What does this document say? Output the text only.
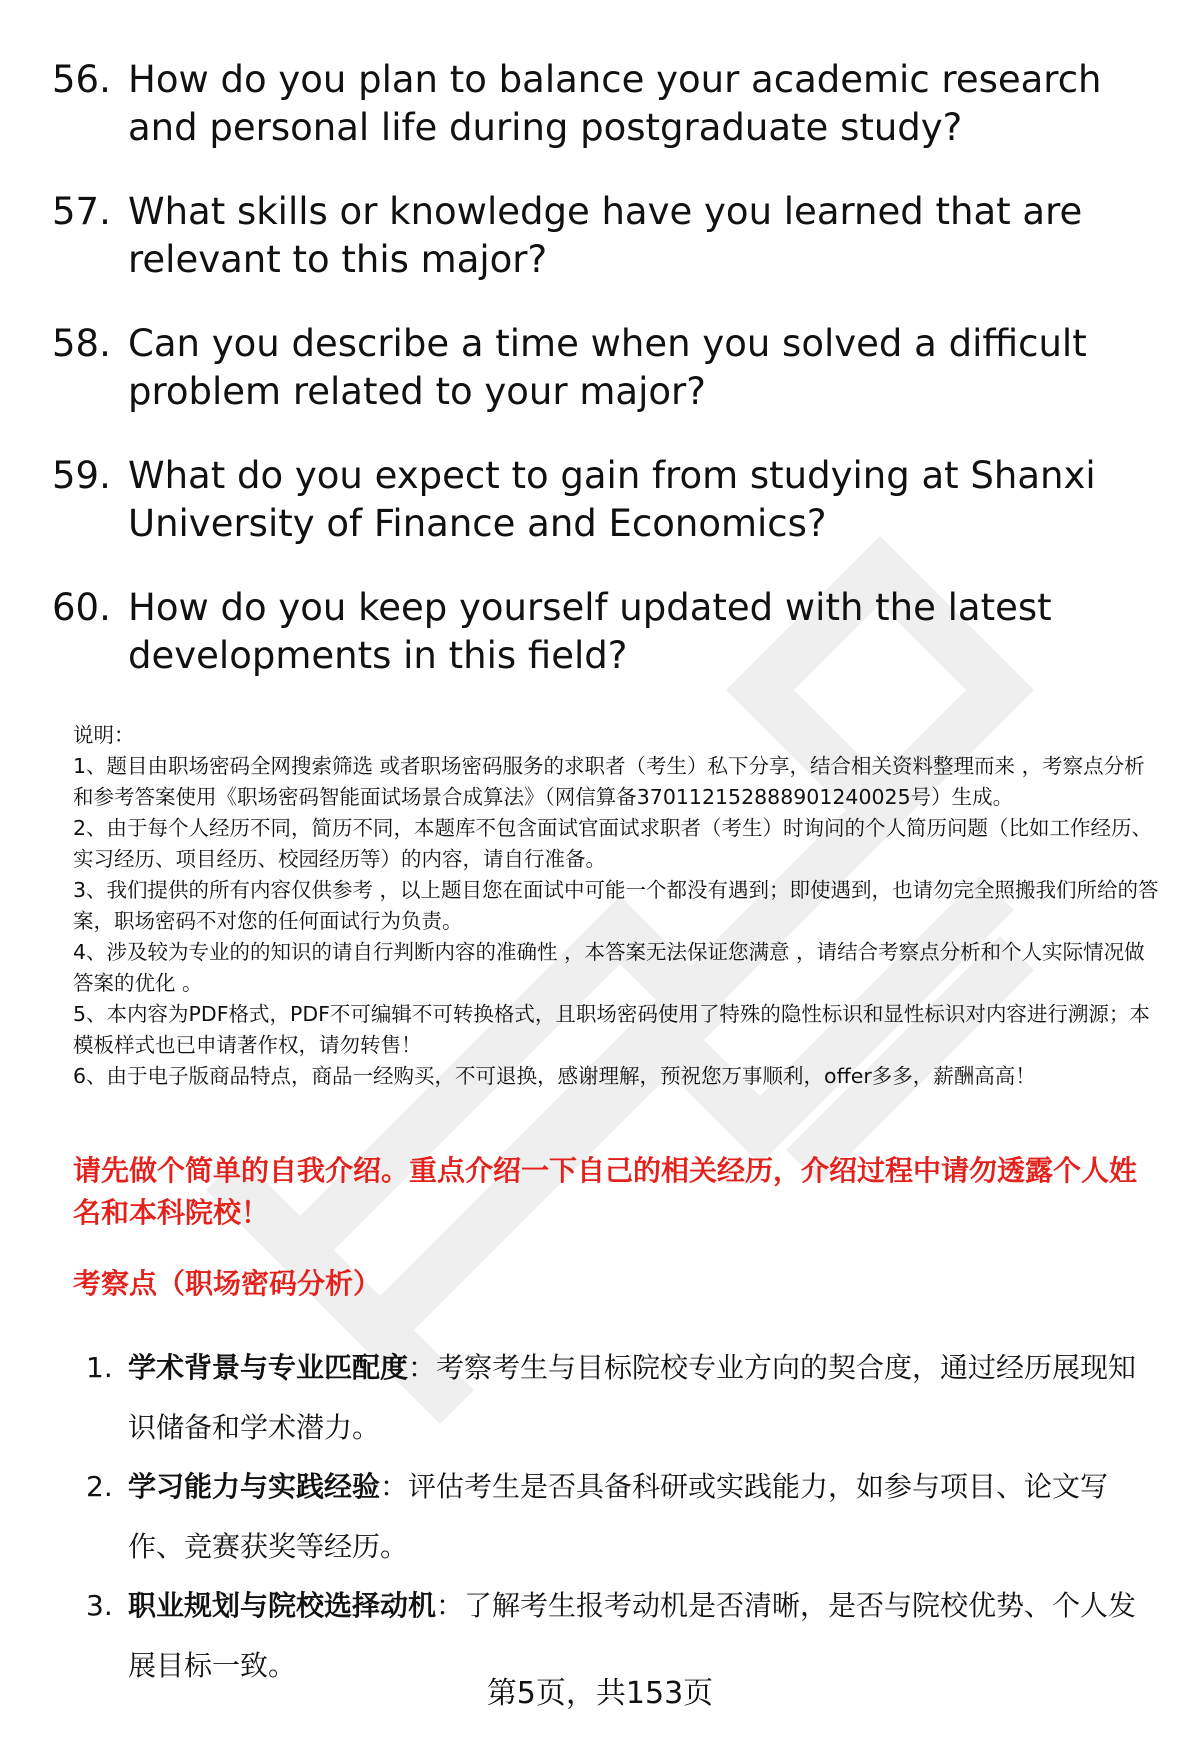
56. How do you plan to balance your academic research and personal life during postgraduate study?
57. What skills or knowledge have you learned that are relevant to this major?
58. Can you describe a time when you solved a difficult problem related to your major?
59. What do you expect to gain from studying at Shanxi University of Finance and Economics?
60. How do you keep yourself updated with the latest developments in this field?

说明：

1、题目由职场密码全网搜索筛选 或者职场密码服务的求职者（考生）私下分享，结合相关资料整理而来 ，考察点分析和参考答案使用《职场密码智能面试场景合成算法》（网信算备370112152888901240025号）生成。

2、由于每个人经历不同，简历不同，本题库不包含面试官面试求职者（考生）时询问的个人简历问题（比如工作经历、实习经历、项目经历、校园经历等）的内容，请自行准备。

3、我们提供的所有内容仅供参考 ，以上题目您在面试中可能一个都没有遇到；即使遇到，也请勿完全照搬我们所给的答案，职场密码不对您的任何面试行为负责。

4、涉及较为专业的的知识的请自行判断内容的准确性 ，本答案无法保证您满意 ，请结合考察点分析和个人实际情况做答案的优化 。

5、本内容为PDF格式，PDF不可编辑不可转换格式，且职场密码使用了特殊的隐性标识和显性标识对内容进行溯源；本模板样式也已申请著作权，请勿转售！

6、由于电子版商品特点，商品一经购买，不可退换，感谢理解，预祝您万事顺利，offer多多，薪酬高高！

请先做个简单的自我介绍。重点介绍一下自己的相关经历，介绍过程中请勿透露个人姓名和本科院校！
考察点（职场密码分析）
1. 学术背景与专业匹配度：考察考生与目标院校专业方向的契合度，通过经历展现知识储备和学术潜力。
2. 学习能力与实践经验：评估考生是否具备科研或实践能力，如参与项目、论文写作、竞赛获奖等经历。
3. 职业规划与院校选择动机：了解考生报考动机是否清晰，是否与院校优势、个人发展目标一致。
第5页，共153页
